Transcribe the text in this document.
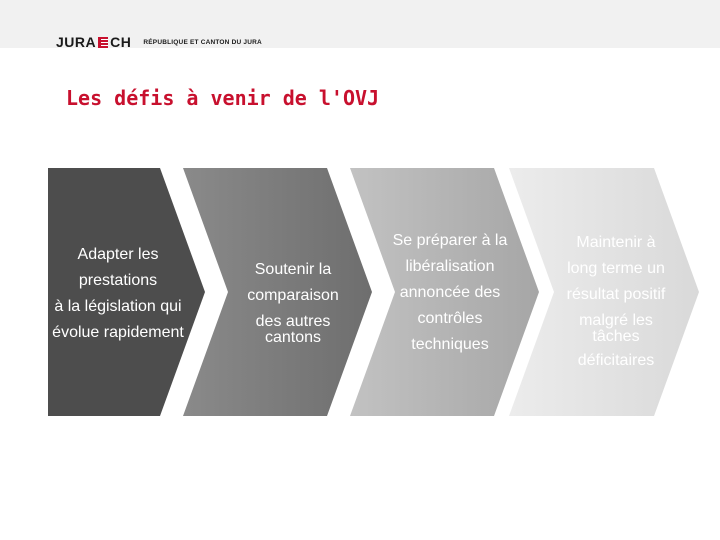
JURA CH RÉPUBLIQUE ET CANTON DU JURA
Les défis à venir de l'OVJ
Adapter les
prestations
à la législation qui
évolue rapidement
Soutenir la
comparaison
des autres
cantons
Se préparer à la
libéralisation
annoncée des
contrôles
techniques
Maintenir à
long terme un
résultat positif
malgré les
tâches
déficitaires
